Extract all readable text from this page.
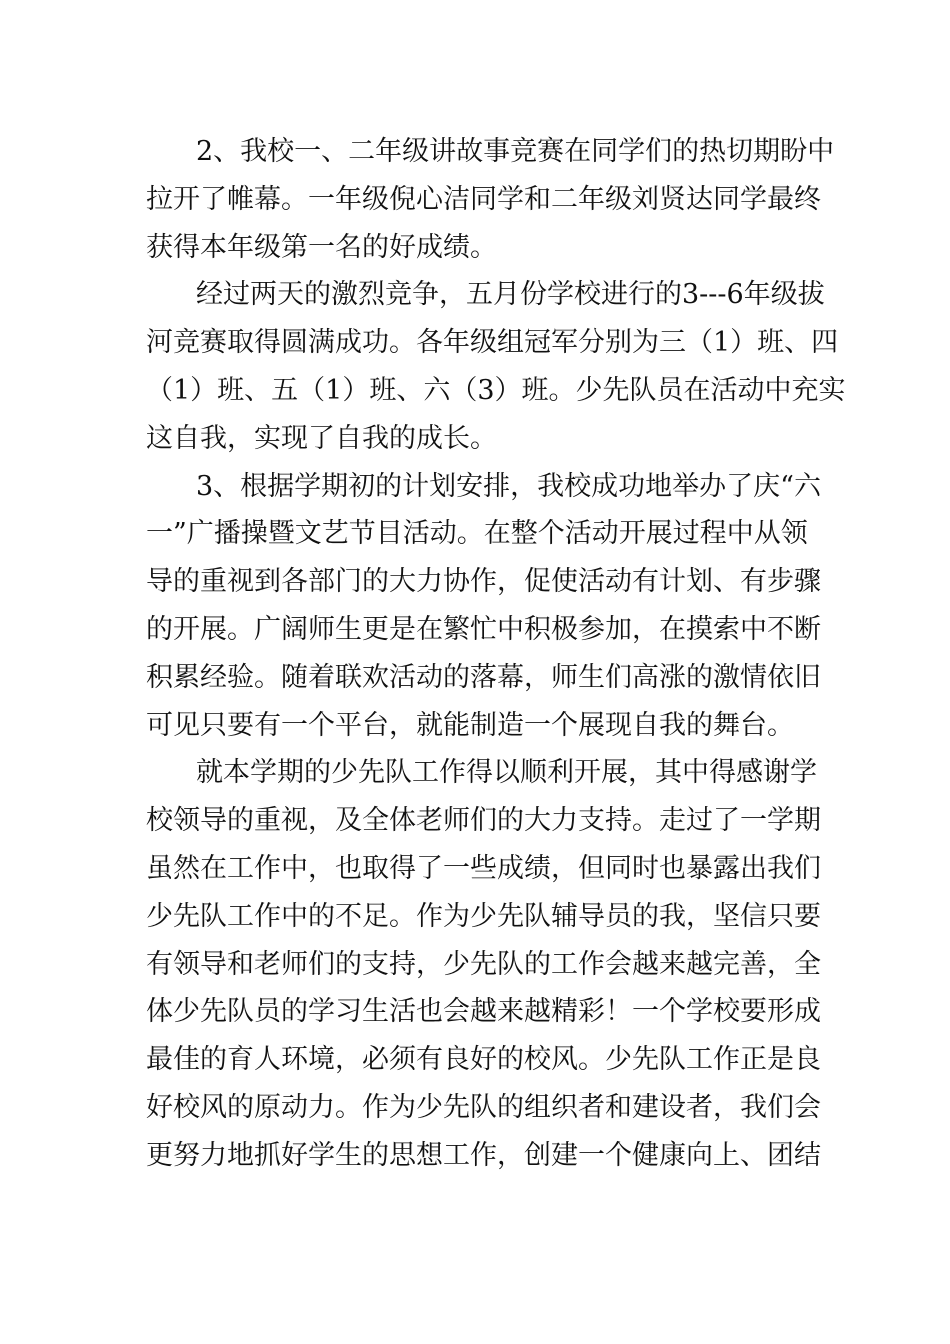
2、我校一、二年级讲故事竞赛在同学们的热切期盼中
拉开了帷幕。一年级倪心洁同学和二年级刘贤达同学最终
获得本年级第一名的好成绩。
经过两天的激烈竞争，五月份学校进行的3---6年级拔
河竞赛取得圆满成功。各年级组冠军分别为三（1）班、四
（1）班、五（1）班、六（3）班。少先队员在活动中充实
这自我，实现了自我的成长。
3、根据学期初的计划安排，我校成功地举办了庆“六
一”广播操暨文艺节目活动。在整个活动开展过程中从领
导的重视到各部门的大力协作，促使活动有计划、有步骤
的开展。广阔师生更是在繁忙中积极参加，在摸索中不断
积累经验。随着联欢活动的落幕，师生们高涨的激情依旧
可见只要有一个平台，就能制造一个展现自我的舞台。
就本学期的少先队工作得以顺利开展，其中得感谢学
校领导的重视，及全体老师们的大力支持。走过了一学期
虽然在工作中，也取得了一些成绩，但同时也暴露出我们
少先队工作中的不足。作为少先队辅导员的我，坚信只要
有领导和老师们的支持，少先队的工作会越来越完善，全
体少先队员的学习生活也会越来越精彩！一个学校要形成
最佳的育人环境，必须有良好的校风。少先队工作正是良
好校风的原动力。作为少先队的组织者和建设者，我们会
更努力地抓好学生的思想工作，创建一个健康向上、团结
